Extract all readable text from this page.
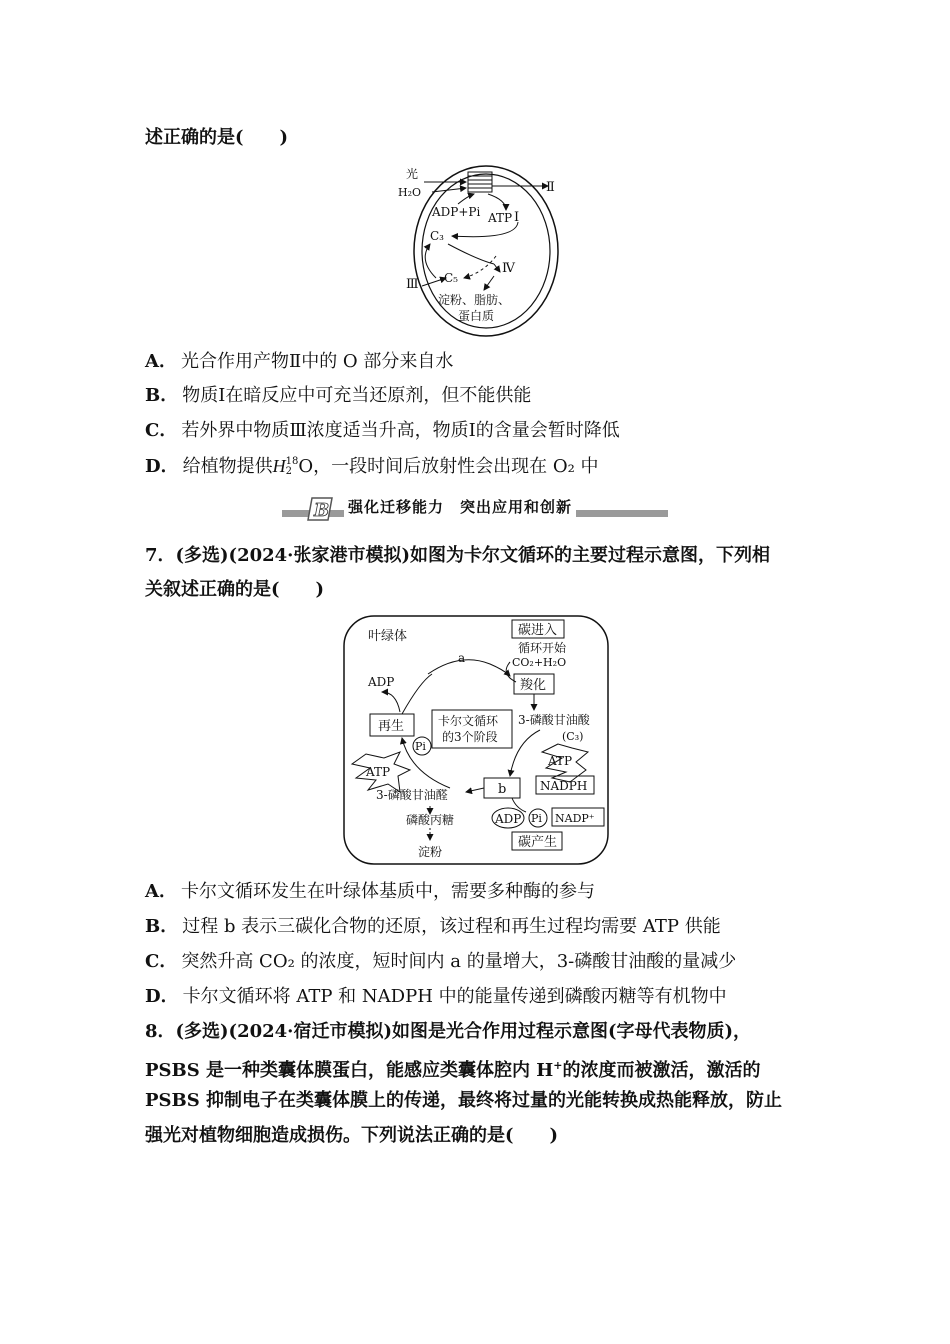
述正确的是(　　)
光
H₂O	Ⅱ
ADP+Pi ATP Ⅰ
C₃
C₅
Ⅳ
Ⅲ
淀粉、脂肪、
蛋白质
A． 光合作用产物Ⅱ中的 O 部分来自水
B． 物质Ⅰ在暗反应中可充当还原剂，但不能供能
C． 若外界中物质Ⅲ浓度适当升高，物质Ⅰ的含量会暂时降低
D． 给植物提供H 18
2 O，一段时间后放射性会出现在 O₂ 中
B 强化迁移能力　突出应用和创新
7．(多选)(2024·张家港市模拟)如图为卡尔文循环的主要过程示意图，下列相
关叙述正确的是(　　)
叶绿体	碳进入
循环开始
CO₂+H₂O
羧化
a
3-磷酸甘油酸
(C₃)
ATP
NADPH
b
3-磷酸甘油醛
ADP Pi NADP⁺
碳产生
磷酸丙糖
淀粉
再生	卡尔文循环
的3个阶段
ADP
Pi
ATP
A． 卡尔文循环发生在叶绿体基质中，需要多种酶的参与
B． 过程 b 表示三碳化合物的还原，该过程和再生过程均需要 ATP 供能
C． 突然升高 CO₂ 的浓度，短时间内 a 的量增大，3-磷酸甘油酸的量减少
D． 卡尔文循环将 ATP 和 NADPH 中的能量传递到磷酸丙糖等有机物中
8．(多选)(2024·宿迁市模拟)如图是光合作用过程示意图(字母代表物质)，
PSBS 是一种类囊体膜蛋白，能感应类囊体腔内 H+的浓度而被激活，激活的
PSBS 抑制电子在类囊体膜上的传递，最终将过量的光能转换成热能释放，防止
强光对植物细胞造成损伤。下列说法正确的是(　　)
